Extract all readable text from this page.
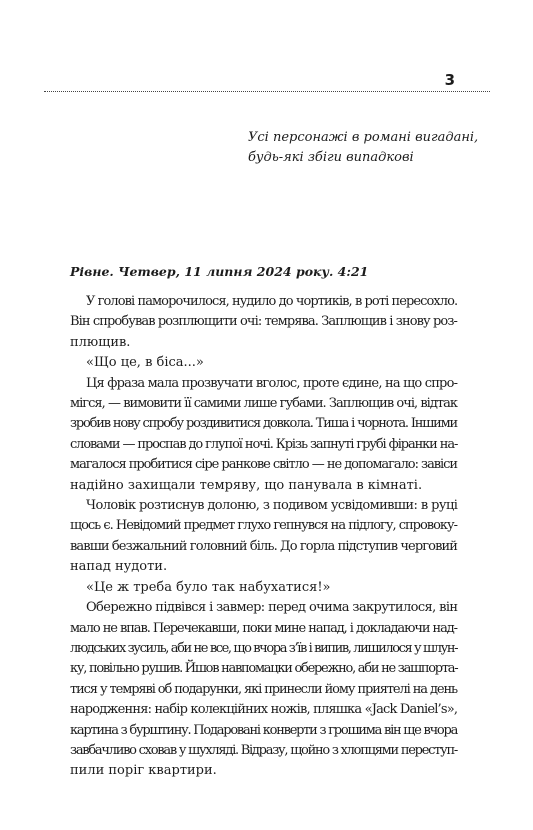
3
Усі персонажі в романі вигадані,
будь-які збіги випадкові
Рівне. Четвер, 11 липня 2024 року. 4:21
У голові паморочилося, нудило до чортиків, в роті пересохло.
Він спробував розплющити очі: темрява. Заплющив і знову роз-
плющив.
«Що це, в біса...»
Ця фраза мала прозвучати вголос, проте єдине, на що спро-
мігся, — вимовити її самими лише губами. Заплющив очі, відтак
зробив нову спробу роздивитися довкола. Тиша і чорнота. Іншими
словами — проспав до глупої ночі. Крізь запнуті грубі фіранки на-
магалося пробитися сіре ранкове світло — не допомагало: завіси
надійно захищали темряву, що панувала в кімнаті.
Чоловік розтиснув долоню, з подивом усвідомивши: в руці
щось є. Невідомий предмет глухо гепнувся на підлогу, спровоку-
вавши безжальний головний біль. До горла підступив черговий
напад нудоти.
«Це ж треба було так набухатися!»
Обережно підвівся і завмер: перед очима закрутилося, він
мало не впав. Перечекавши, поки мине напад, і докладаючи над-
людських зусиль, аби не все, що вчора з’їв і випив, лишилося у шлун-
ку, повільно рушив. Йшов навпомацки обережно, аби не зашпорта-
тися у темряві об подарунки, які принесли йому приятелі на день
народження: набір колекційних ножів, пляшка «Jack Daniel’s»,
картина з бурштину. Подаровані конверти з грошима він ще вчора
завбачливо сховав у шухляді. Відразу, щойно з хлопцями переступ-
пили поріг квартири.
